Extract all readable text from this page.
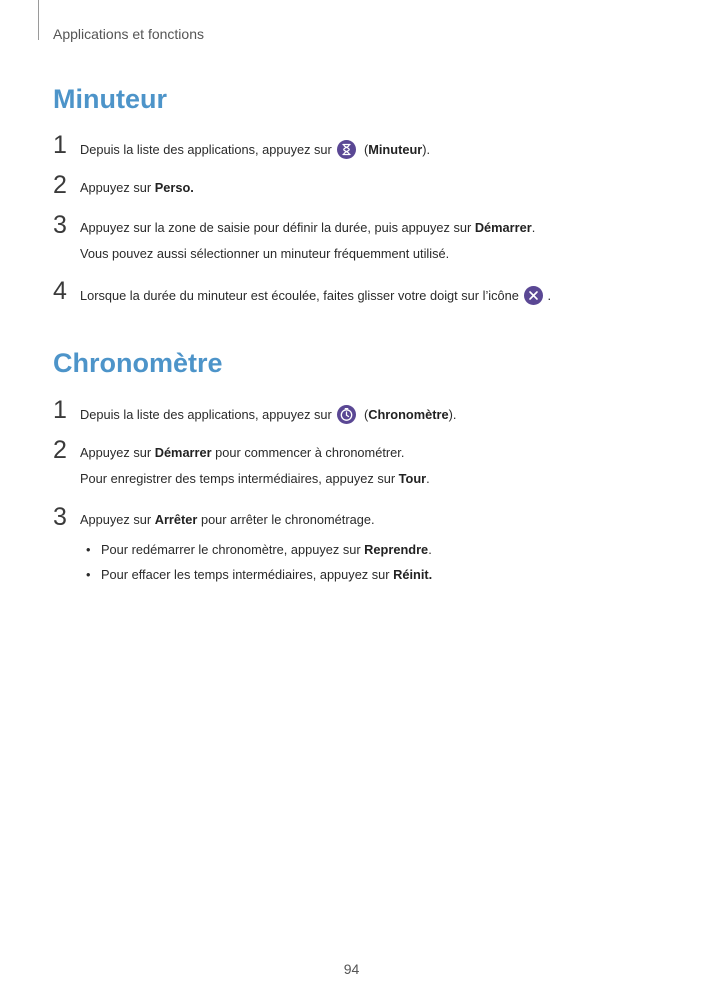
Applications et fonctions
Minuteur
1 Depuis la liste des applications, appuyez sur	(Minuteur).
2 Appuyez sur Perso.
3 Appuyez sur la zone de saisie pour définir la durée, puis appuyez sur Démarrer.
Vous pouvez aussi sélectionner un minuteur fréquemment utilisé.
4 Lorsque la durée du minuteur est écoulée, faites glisser votre doigt sur l’icône .
Chronomètre
1 Depuis la liste des applications, appuyez sur	(Chronomètre).
2 Appuyez sur Démarrer pour commencer à chronométrer.
Pour enregistrer des temps intermédiaires, appuyez sur Tour.
3 Appuyez sur Arrêter pour arrêter le chronométrage.
• Pour redémarrer le chronomètre, appuyez sur Reprendre.
• Pour effacer les temps intermédiaires, appuyez sur Réinit.
94
